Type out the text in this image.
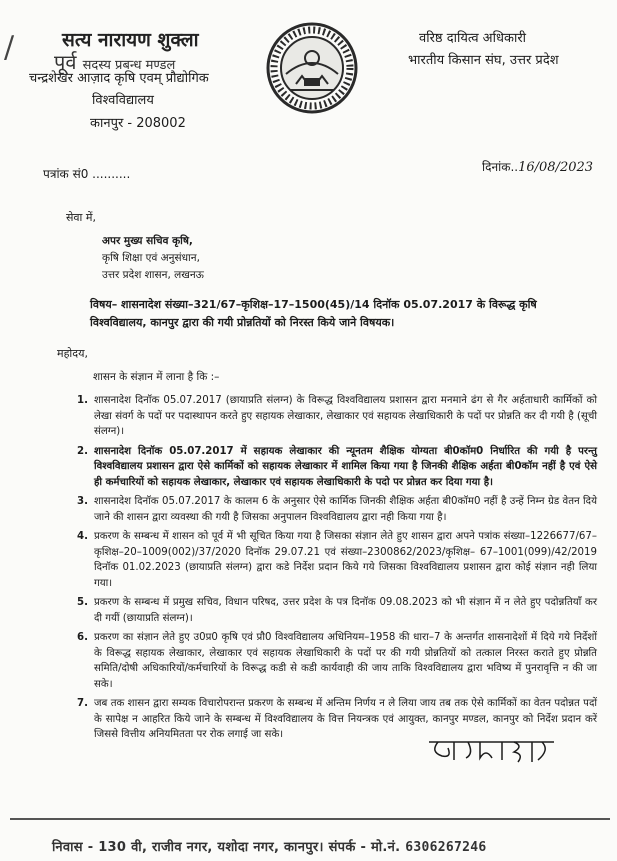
/	सत्य नारायण शुक्ला
पूर्व सदस्य प्रबन्ध मण्डल
चन्द्रशेखर आज़ाद कृषि एवम् प्रौद्योगिक
विश्वविद्यालय
कानपुर - 208002
वरिष्ठ दायित्व अधिकारी
भारतीय किसान संघ, उत्तर प्रदेश
पत्रांक सं0 ..........	दिनांक..16/08/2023
सेवा में,
अपर मुख्य सचिव कृषि,
कृषि शिक्षा एवं अनुसंधान,
उत्तर प्रदेश शासन, लखनऊ
विषय– शासनादेश संख्या–321/67–कृशिक्ष–17–1500(45)/14 दिनॉक 05.07.2017 के विरूद्ध कृषि विश्वविद्यालय, कानपुर द्वारा की गयी प्रोन्नतियों को निरस्त किये जाने विषयक।
महोदय,
शासन के संज्ञान में लाना है कि :–
1. शासनादेश दिनॉक 05.07.2017 (छायाप्रति संलग्न) के विरूद्ध विश्वविद्यालय प्रशासन द्वारा मनमाने ढंग से गैर अर्हताधारी कार्मिकों को लेखा संवर्ग के पदों पर पदास्थापन करते हुए सहायक लेखाकार, लेखाकार एवं सहायक लेखाधिकारी के पदों पर प्रोन्नति कर दी गयी है (सूची संलग्न)।
2. शासनादेश दिनॉक 05.07.2017 में सहायक लेखाकार की न्यूनतम शैक्षिक योग्यता बी0कॉम0 निर्धारित की गयी है परन्तु विश्वविद्यालय प्रशासन द्वारा ऐसे कार्मिकों को सहायक लेखाकार में शामिल किया गया है जिनकी शैक्षिक अर्हता बी0कॉम नहीं है एवं ऐसे ही कर्मचारियों को सहायक लेखाकार, लेखाकार एवं सहायक लेखाधिकारी के पदो पर प्रोन्नत कर दिया गया है।
3. शासनादेश दिनॉक 05.07.2017 के कालम 6 के अनुसार ऐसे कार्मिक जिनकी शैक्षिक अर्हता बी0कॉम0 नहीं है उन्हें निम्न ग्रेड वेतन दिये जाने की शासन द्वारा व्यवस्था की गयी है जिसका अनुपालन विश्वविद्यालय द्वारा नही किया गया है।
4. प्रकरण के सम्बन्ध में शासन को पूर्व में भी सूचित किया गया है जिसका संज्ञान लेते हुए शासन द्वारा अपने पत्रांक संख्या–1226677/67–कृशिक्ष–20–1009(002)/37/2020 दिनॉक 29.07.21 एवं संख्या–2300862/2023/कृशिक्ष– 67–1001(099)/42/2019 दिनॉक 01.02.2023 (छायाप्रति संलग्न) द्वारा कडे निर्देश प्रदान किये गये जिसका विश्वविद्यालय प्रशासन द्वारा कोई संज्ञान नही लिया गया।
5. प्रकरण के सम्बन्ध में प्रमुख सचिव, विधान परिषद, उत्तर प्रदेश के पत्र दिनॉक 09.08.2023 को भी संज्ञान में न लेते हुए पदोन्नतियॉं कर दी गयीं (छायाप्रति संलग्न)।
6. प्रकरण का संज्ञान लेते हुए उ0प्र0 कृषि एवं प्रौ0 विश्वविद्यालय अधिनियम–1958 की धारा–7 के अन्तर्गत शासनादेशों में दिये गये निर्देशों के विरूद्ध सहायक लेखाकार, लेखाकार एवं सहायक लेखाधिकारी के पदों पर की गयी प्रोन्नतियों को तत्काल निरस्त कराते हुए प्रोन्नति समिति/दोषी अधिकारियों/कर्मचारियों के विरूद्ध कडी से कडी कार्यवाही की जाय ताकि विश्वविद्यालय द्वारा भविष्य में पुनरावृत्ति न की जा सके।
7. जब तक शासन द्वारा सम्यक विचारोपरान्त प्रकरण के सम्बन्ध में अन्तिम निर्णय न ले लिया जाय तब तक ऐसे कार्मिकों का वेतन पदोन्नत पदों के सापेक्ष न आहरित किये जाने के सम्बन्ध में विश्वविद्यालय के वित्त नियन्त्रक एवं आयुक्त, कानपुर मण्डल, कानपुर को निर्देश प्रदान करें जिससे वित्तीय अनियमितता पर रोक लगाई जा सके।
निवास - 130 वी, राजीव नगर, यशोदा नगर, कानपुर। संपर्क - मो.नं. 6306267246
